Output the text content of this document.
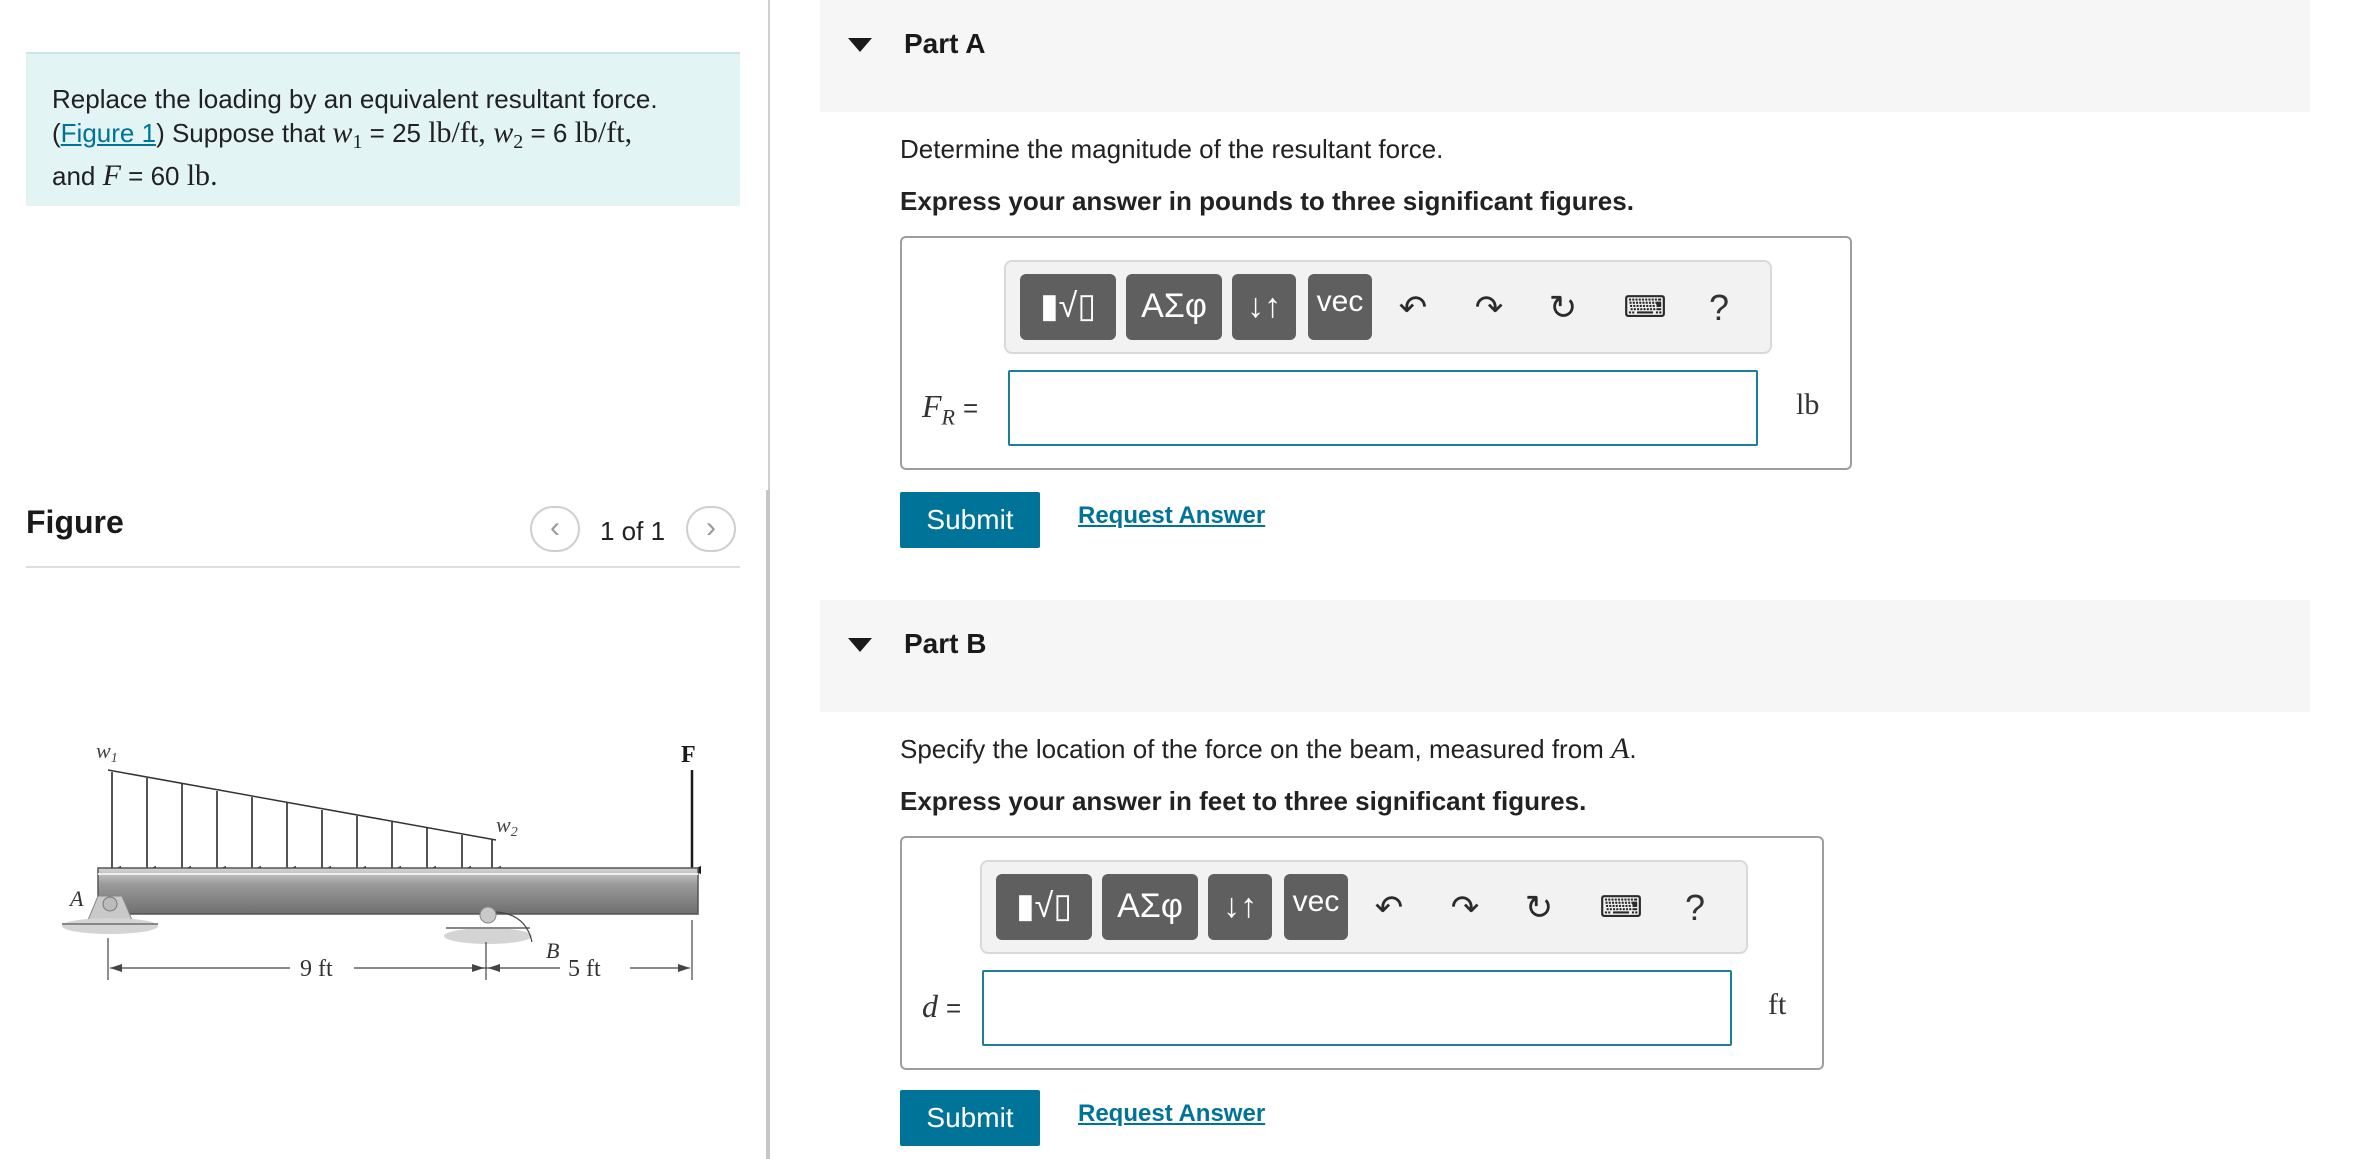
Replace the loading by an equivalent resultant force.
(Figure 1) Suppose that $w_1 = 25$ lb/ft, $w_2 = 6$ lb/ft,
and F = 60 lb.
Figure	‹	1 of 1	›
w1
w2
F
A
B
9 ft	5 ft
Part A
Determine the magnitude of the resultant force.
Express your answer in pounds to three significant figures.
▮√▯	ΑΣφ	↓↑	vec	↶	↷	↻	⌨	?
$F_R$ =	lb
Submit	Request Answer
Part B
Specify the location of the force on the beam, measured from A.
Express your answer in feet to three significant figures.
▮√▯	ΑΣφ	↓↑	vec	↶	↷	↻	⌨	?
d =	ft
Submit	Request Answer
